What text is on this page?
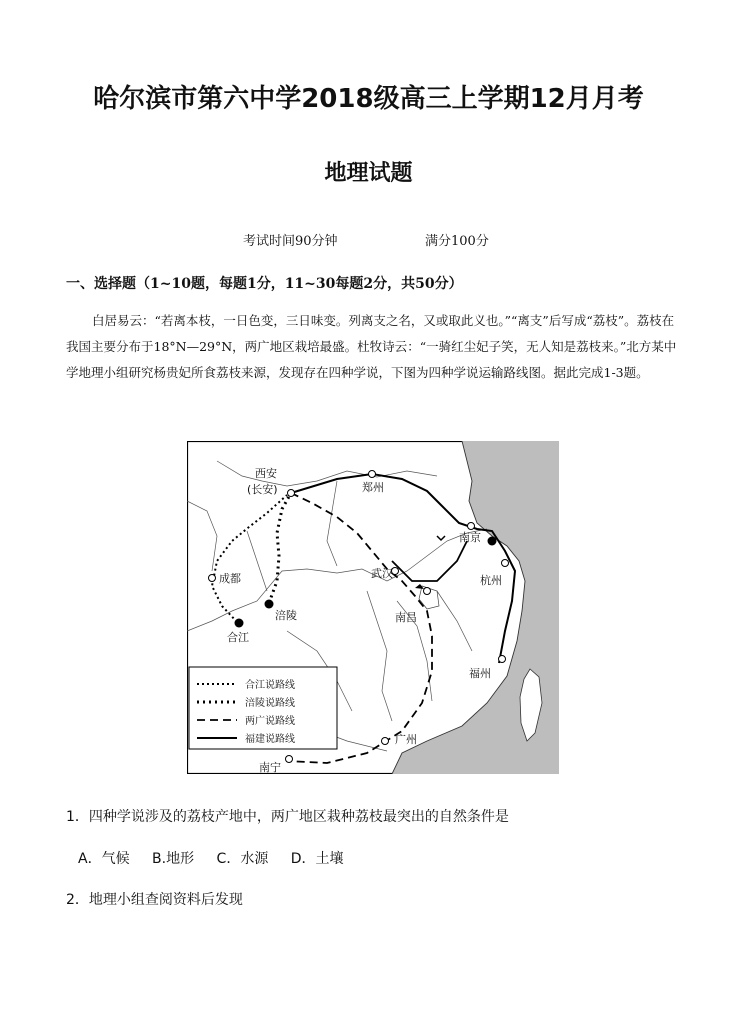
哈尔滨市第六中学2018级高三上学期12月月考
地理试题
考试时间90分钟	满分100分
一、选择题（1~10题，每题1分，11~30每题2分，共50分）
白居易云：“若离本枝，一日色变，三日味变。列离支之名，又或取此义也。”“离支”后写成“荔枝”。荔枝在我国主要分布于18°N—29°N，两广地区栽培最盛。杜牧诗云：“一骑红尘妃子笑，无人知是荔枝来。”北方某中学地理小组研究杨贵妃所食荔枝来源，发现存在四种学说，下图为四种学说运输路线图。据此完成1-3题。
西安
(长安)	郑州
南京
杭州
成都	武汉
涪陵
合江
南昌
福州
广州
南宁
合江说路线
涪陵说路线
两广说路线
福建说路线
1．四种学说涉及的荔枝产地中，两广地区栽种荔枝最突出的自然条件是
A．气候 B.地形 C．水源 D．土壤
2．地理小组查阅资料后发现
